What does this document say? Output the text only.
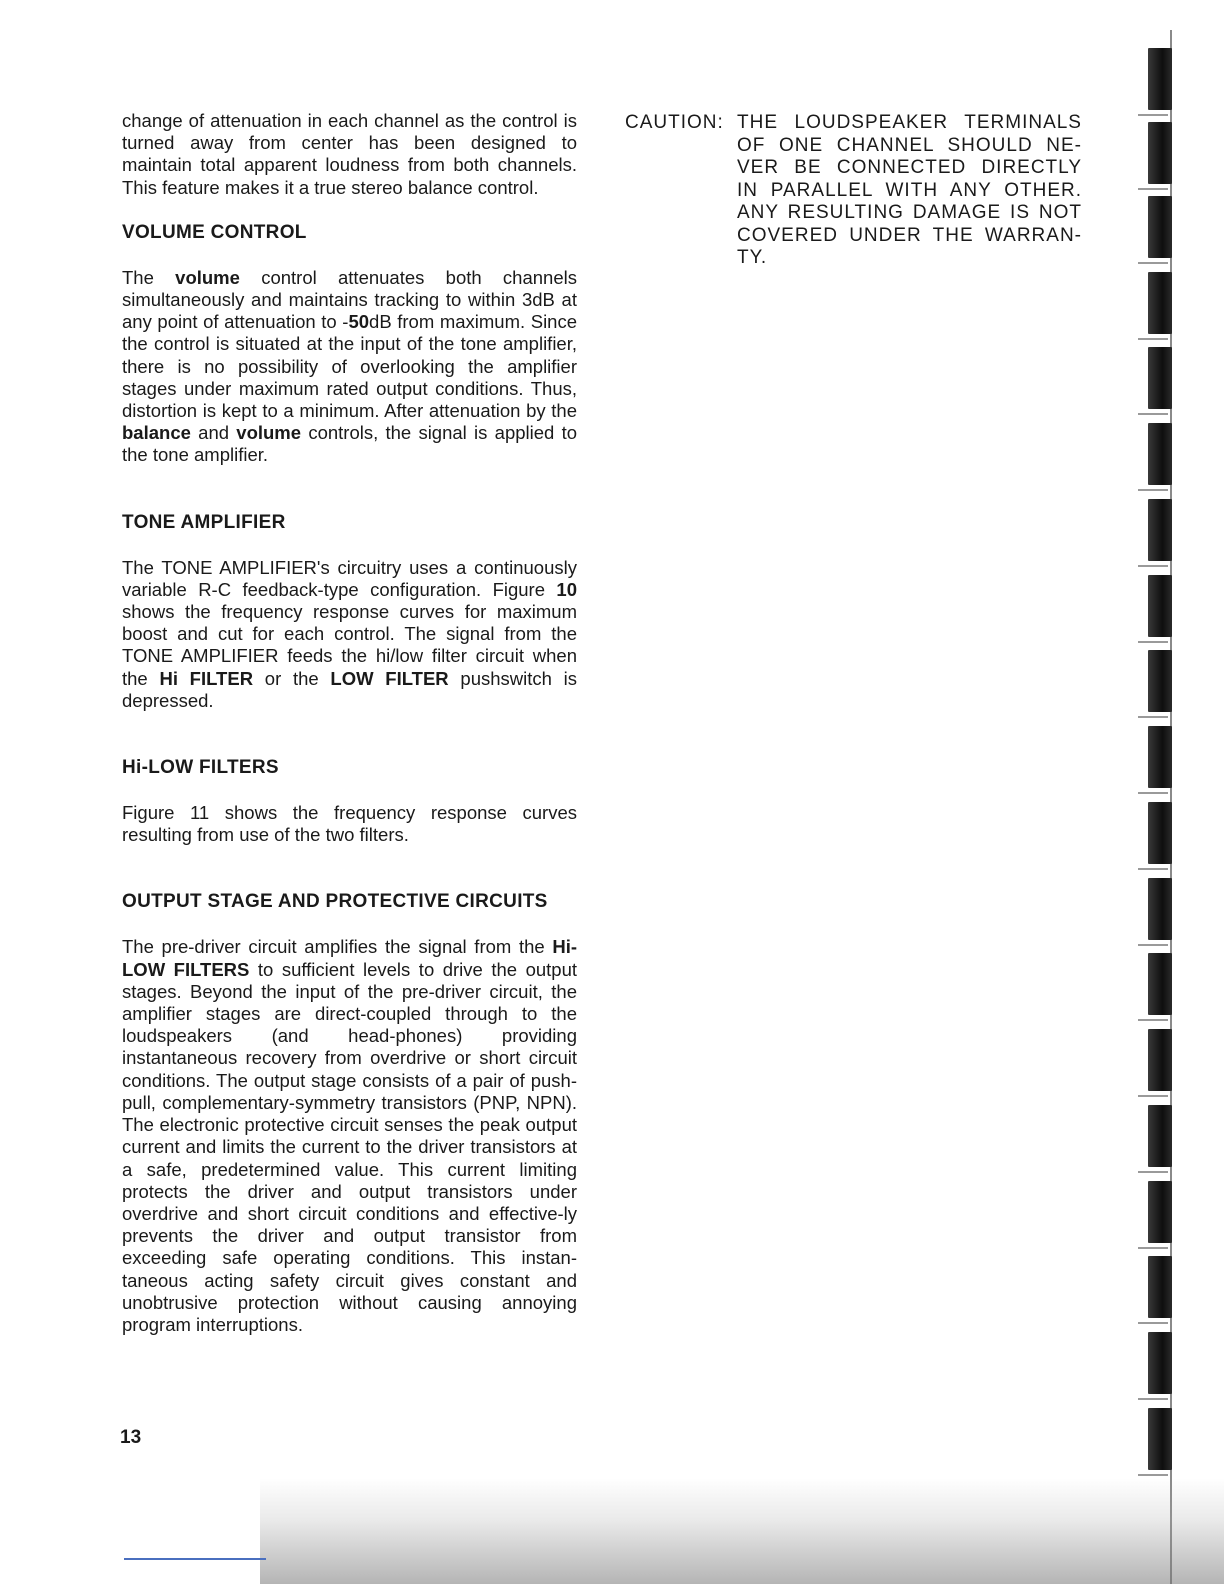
change of attenuation in each channel as the control is turned away from center has been designed to maintain total apparent loudness from both channels. This feature makes it a true stereo balance control.

VOLUME CONTROL

The volume control attenuates both channels simultaneously and maintains tracking to within 3dB at any point of attenuation to -50dB from maximum. Since the control is situated at the input of the tone amplifier, there is no possibility of overlooking the amplifier stages under maximum rated output conditions. Thus, distortion is kept to a minimum. After attenuation by the balance and volume controls, the signal is applied to the tone amplifier.

TONE AMPLIFIER

The TONE AMPLIFIER's circuitry uses a continuously variable R-C feedback-type configuration. Figure 10 shows the frequency response curves for maximum boost and cut for each control. The signal from the TONE AMPLIFIER feeds the hi/low filter circuit when the Hi FILTER or the LOW FILTER pushswitch is depressed.

Hi-LOW FILTERS

Figure 11 shows the frequency response curves resulting from use of the two filters.

OUTPUT STAGE AND PROTECTIVE CIRCUITS

The pre-driver circuit amplifies the signal from the Hi-LOW FILTERS to sufficient levels to drive the output stages. Beyond the input of the pre-driver circuit, the amplifier stages are direct-coupled through to the loudspeakers (and head-phones) providing instantaneous recovery from overdrive or short circuit conditions. The output stage consists of a pair of push-pull, complementary-symmetry transistors (PNP, NPN). The electronic protective circuit senses the peak output current and limits the current to the driver transistors at a safe, predetermined value. This current limiting protects the driver and output transistors under overdrive and short circuit conditions and effective-ly prevents the driver and output transistor from exceeding safe operating conditions. This instan-taneous acting safety circuit gives constant and unobtrusive protection without causing annoying program interruptions.

CAUTION: THE LOUDSPEAKER TERMINALS OF ONE CHANNEL SHOULD NE-VER BE CONNECTED DIRECTLY IN PARALLEL WITH ANY OTHER. ANY RESULTING DAMAGE IS NOT COVERED UNDER THE WARRAN-TY.
13
